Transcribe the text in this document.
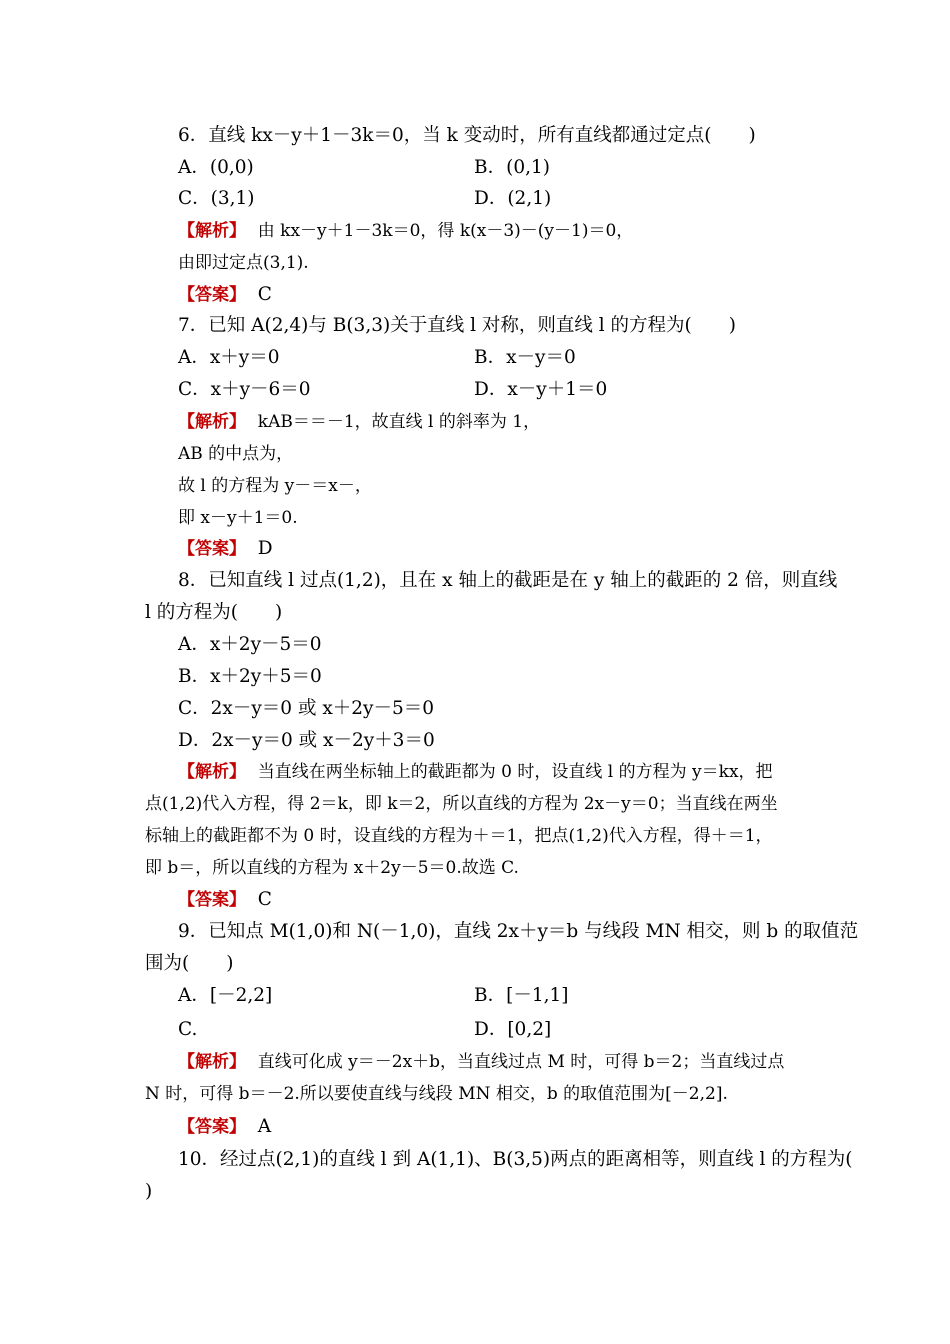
6．直线 kx－y＋1－3k＝0，当 k 变动时，所有直线都通过定点(　　)
A．(0,0)	B．(0,1)
C．(3,1)	D．(2,1)
【解析】 由 kx－y＋1－3k＝0，得 k(x－3)－(y－1)＝0，
由即过定点(3,1).
【答案】 C
7．已知 A(2,4)与 B(3,3)关于直线 l 对称，则直线 l 的方程为(　　)
A．x＋y＝0	B．x－y＝0
C．x＋y－6＝0	D．x－y＋1＝0
【解析】 kAB＝＝－1，故直线 l 的斜率为 1，
AB 的中点为，
故 l 的方程为 y－＝x－，
即 x－y＋1＝0.
【答案】 D
8．已知直线 l 过点(1,2)，且在 x 轴上的截距是在 y 轴上的截距的 2 倍，则直线
l 的方程为(　　)
A．x＋2y－5＝0
B．x＋2y＋5＝0
C．2x－y＝0 或 x＋2y－5＝0
D．2x－y＝0 或 x－2y＋3＝0
【解析】 当直线在两坐标轴上的截距都为 0 时，设直线 l 的方程为 y＝kx，把
点(1,2)代入方程，得 2＝k，即 k＝2，所以直线的方程为 2x－y＝0；当直线在两坐
标轴上的截距都不为 0 时，设直线的方程为＋＝1，把点(1,2)代入方程，得＋＝1，
即 b＝，所以直线的方程为 x＋2y－5＝0.故选 C.
【答案】 C
9．已知点 M(1,0)和 N(－1,0)，直线 2x＋y＝b 与线段 MN 相交，则 b 的取值范
围为(　　)
A．[－2,2]	B．[－1,1]
C.	D．[0,2]
【解析】 直线可化成 y＝－2x＋b，当直线过点 M 时，可得 b＝2；当直线过点
N 时，可得 b＝－2.所以要使直线与线段 MN 相交，b 的取值范围为[－2,2].
【答案】 A
10．经过点(2,1)的直线 l 到 A(1,1)、B(3,5)两点的距离相等，则直线 l 的方程为(
)
